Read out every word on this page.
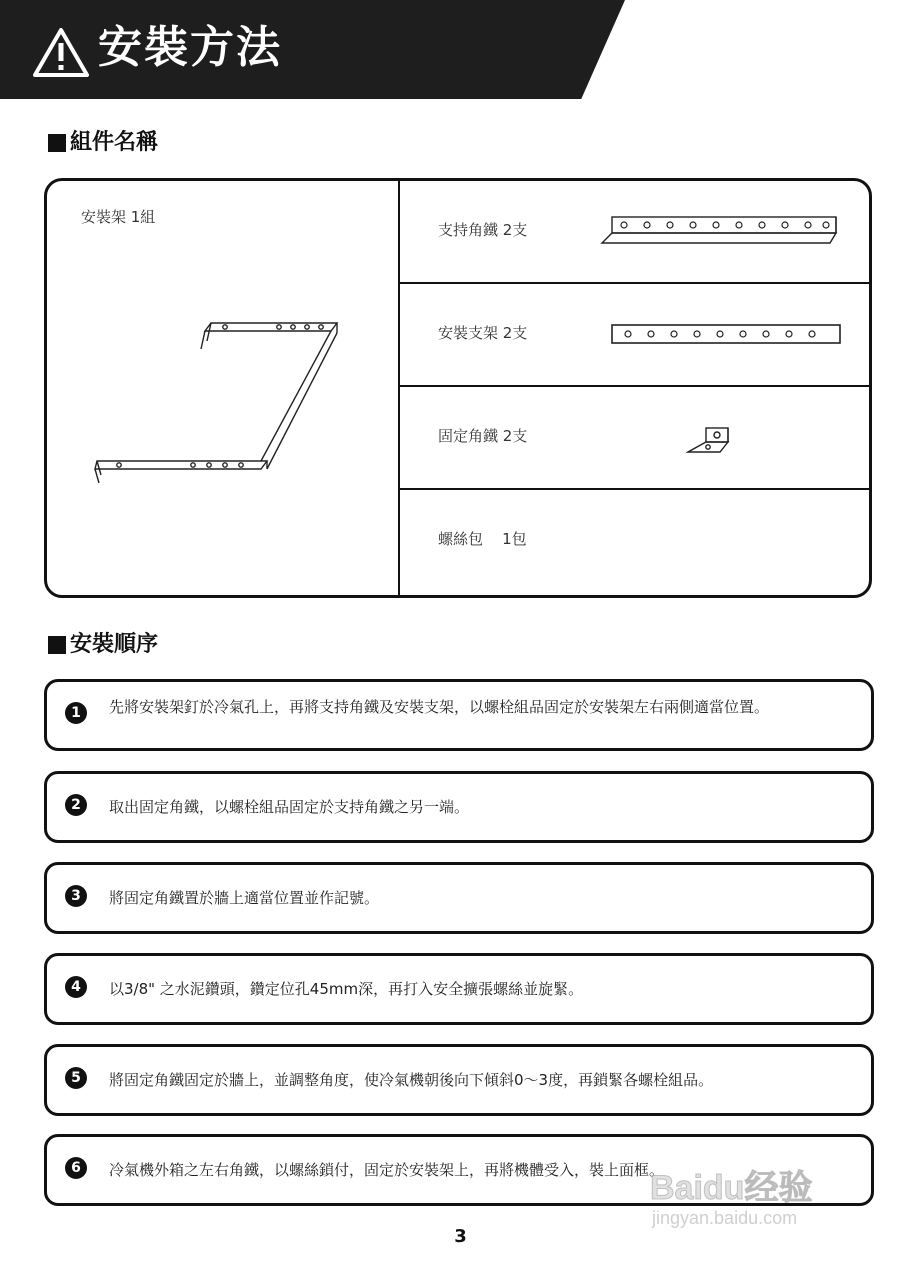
安裝方法
組件名稱
安裝架 1組
支持角鐵 2支
安裝支架 2支
固定角鐵 2支
螺絲包    1包
安裝順序
1	先將安裝架釘於冷氣孔上，再將支持角鐵及安裝支架，以螺栓組品固定於安裝架左右兩側適當位置。
2	取出固定角鐵，以螺栓組品固定於支持角鐵之另一端。
3	將固定角鐵置於牆上適當位置並作記號。
4	以3/8" 之水泥鑽頭，鑽定位孔45mm深，再打入安全擴張螺絲並旋緊。
5	將固定角鐵固定於牆上，並調整角度，使冷氣機朝後向下傾斜0～3度，再鎖緊各螺栓組品。
6	冷氣機外箱之左右角鐵，以螺絲鎖付，固定於安裝架上，再將機體受入，裝上面框。
3
Baidu经验
jingyan.baidu.com
